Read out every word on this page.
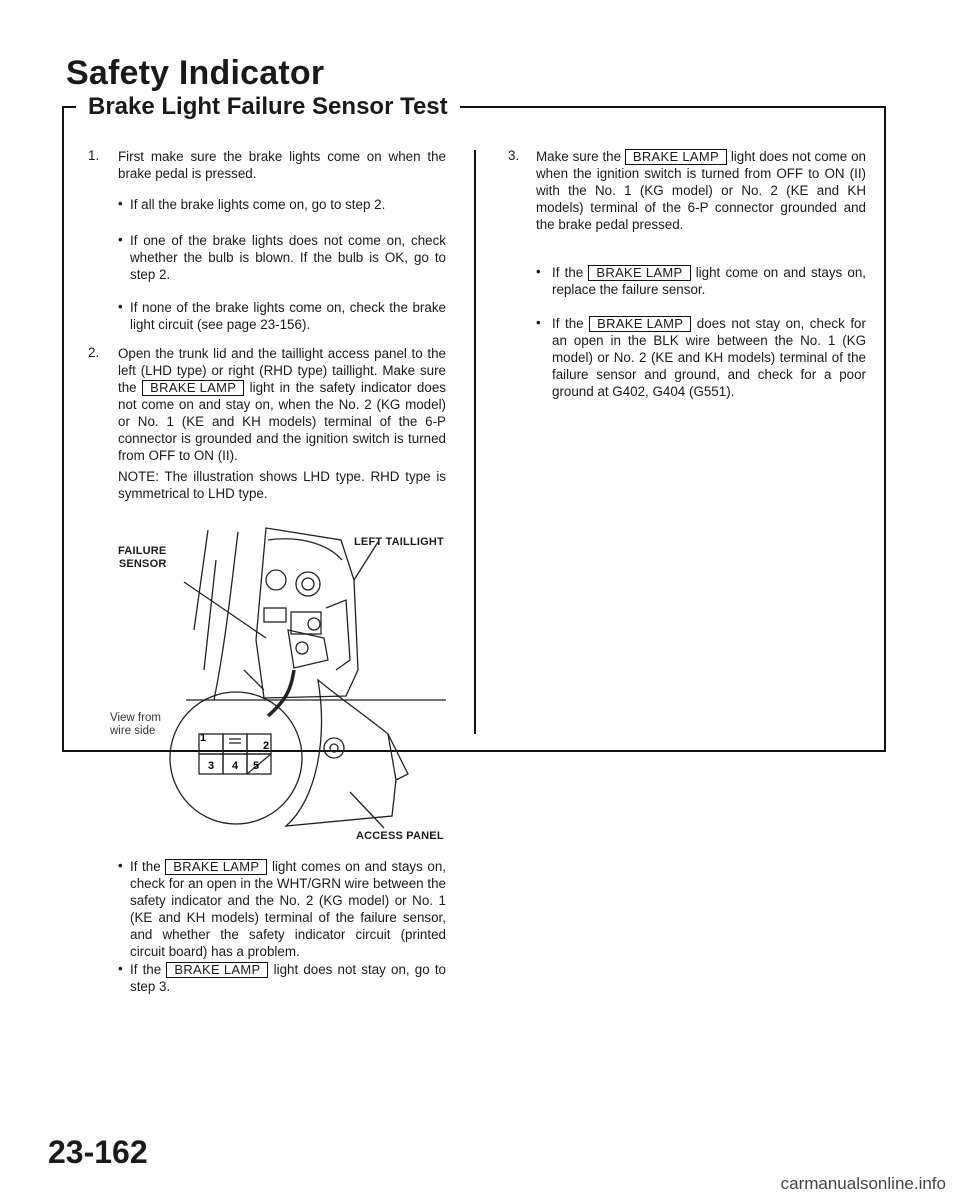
Safety Indicator
Brake Light Failure Sensor Test
1. First make sure the brake lights come on when the brake pedal is pressed.

• If all the brake lights come on, go to step 2.

• If one of the brake lights does not come on, check whether the bulb is blown. If the bulb is OK, go to step 2.

• If none of the brake lights come on, check the brake light circuit (see page 23-156).

2. Open the trunk lid and the taillight access panel to the left (LHD type) or right (RHD type) taillight. Make sure the BRAKE LAMP light in the safety indicator does not come on and stay on, when the No. 2 (KG model) or No. 1 (KE and KH models) terminal of the 6-P connector is grounded and the ignition switch is turned from OFF to ON (II).

NOTE: The illustration shows LHD type. RHD type is symmetrical to LHD type.

1
2
3 4 5
FAILURE
SENSOR
LEFT TAILLIGHT
View from
wire side
ACCESS PANEL
• If the BRAKE LAMP light comes on and stays on, check for an open in the WHT/GRN wire between the safety indicator and the No. 2 (KG model) or No. 1 (KE and KH models) terminal of the failure sensor, and whether the safety indicator circuit (printed circuit board) has a problem.

• If the BRAKE LAMP light does not stay on, go to step 3.

3. Make sure the BRAKE LAMP light does not come on when the ignition switch is turned from OFF to ON (II) with the No. 1 (KG model) or No. 2 (KE and KH models) terminal of the 6-P connector grounded and the brake pedal pressed.

• If the BRAKE LAMP light come on and stays on, replace the failure sensor.

• If the BRAKE LAMP does not stay on, check for an open in the BLK wire between the No. 1 (KG model) or No. 2 (KE and KH models) terminal of the failure sensor and ground, and check for a poor ground at G402, G404 (G551).

23-162
carmanualsonline.info
